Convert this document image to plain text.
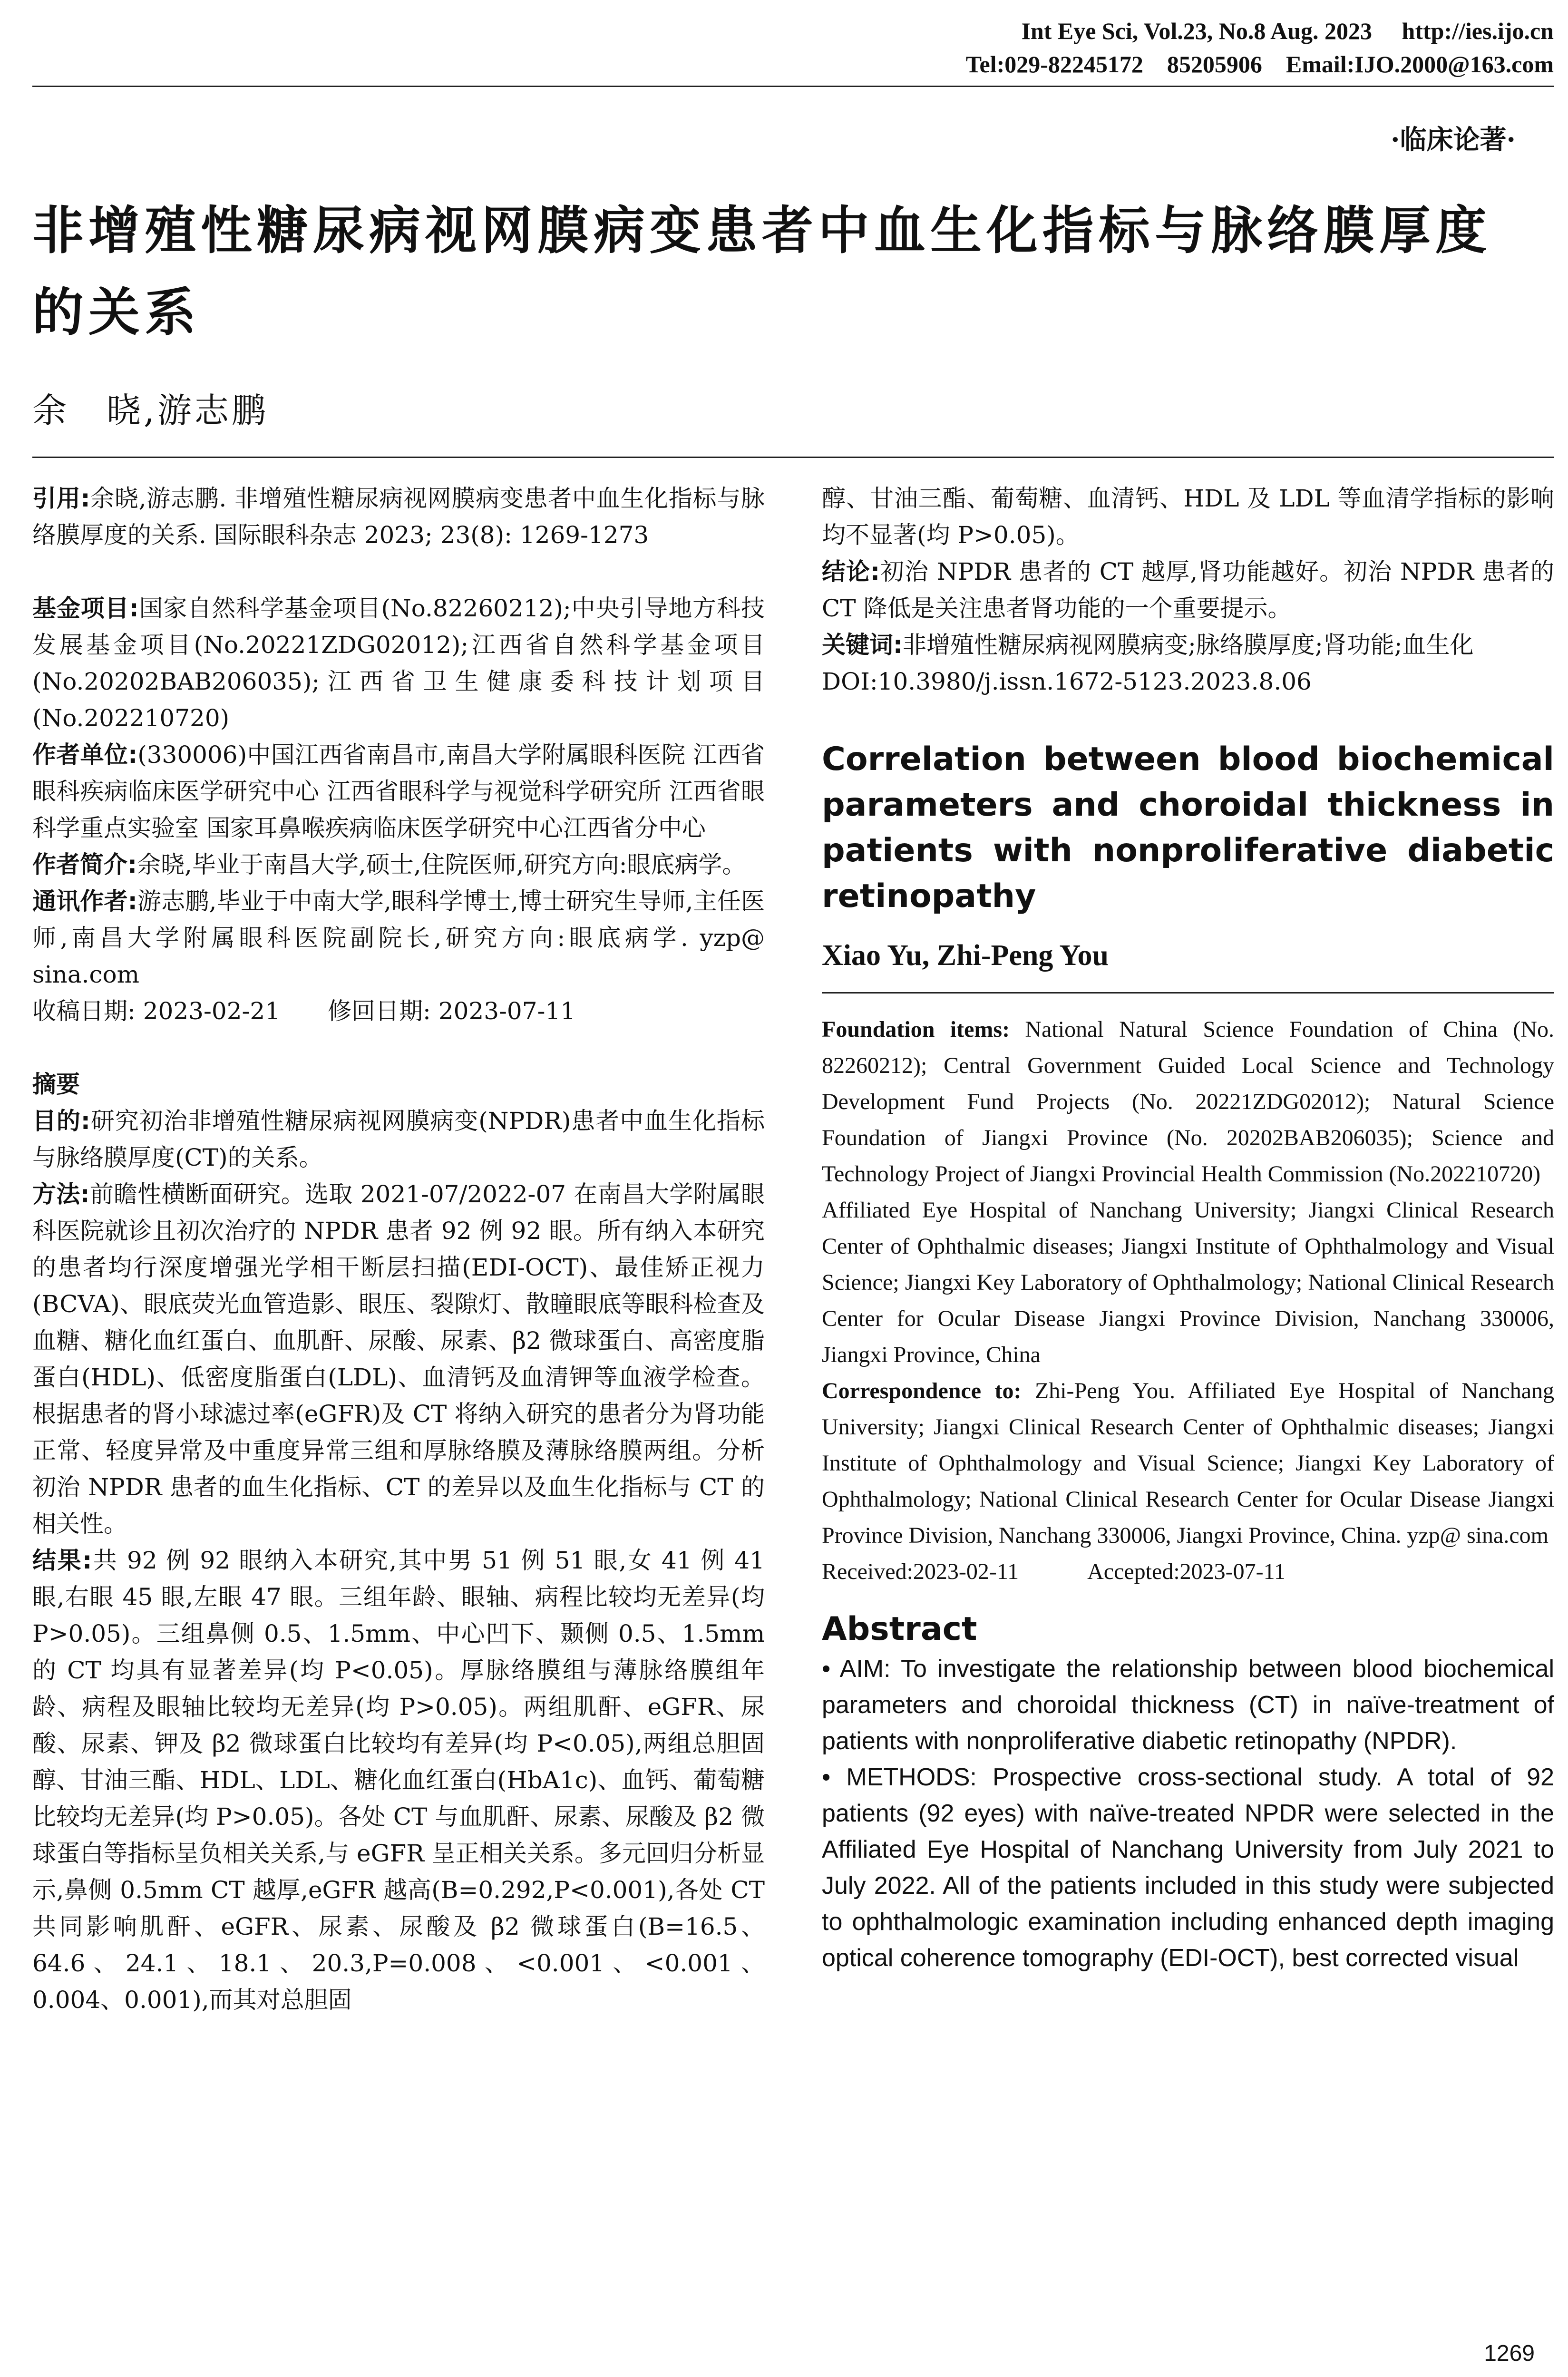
Int Eye Sci, Vol.23, No.8 Aug. 2023     http://ies.ijo.cn
Tel:029-82245172    85205906    Email:IJO.2000@163.com
·临床论著·
非增殖性糖尿病视网膜病变患者中血生化指标与脉络膜厚度的关系
余　晓,游志鹏

引用:余晓,游志鹏. 非增殖性糖尿病视网膜病变患者中血生化指标与脉络膜厚度的关系. 国际眼科杂志 2023; 23(8): 1269-1273

基金项目:国家自然科学基金项目(No.82260212);中央引导地方科技发展基金项目(No.20221ZDG02012);江西省自然科学基金项目(No.20202BAB206035);江西省卫生健康委科技计划项目(No.202210720)

作者单位:(330006)中国江西省南昌市,南昌大学附属眼科医院 江西省眼科疾病临床医学研究中心 江西省眼科学与视觉科学研究所 江西省眼科学重点实验室 国家耳鼻喉疾病临床医学研究中心江西省分中心

作者简介:余晓,毕业于南昌大学,硕士,住院医师,研究方向:眼底病学。

通讯作者:游志鹏,毕业于中南大学,眼科学博士,博士研究生导师,主任医师,南昌大学附属眼科医院副院长,研究方向:眼底病学. yzp@ sina.com

收稿日期: 2023-02-21　　修回日期: 2023-07-11

摘要

目的:研究初治非增殖性糖尿病视网膜病变(NPDR)患者中血生化指标与脉络膜厚度(CT)的关系。

方法:前瞻性横断面研究。选取 2021-07/2022-07 在南昌大学附属眼科医院就诊且初次治疗的 NPDR 患者 92 例 92 眼。所有纳入本研究的患者均行深度增强光学相干断层扫描(EDI-OCT)、最佳矫正视力(BCVA)、眼底荧光血管造影、眼压、裂隙灯、散瞳眼底等眼科检查及血糖、糖化血红蛋白、血肌酐、尿酸、尿素、β2 微球蛋白、高密度脂蛋白(HDL)、低密度脂蛋白(LDL)、血清钙及血清钾等血液学检查。根据患者的肾小球滤过率(eGFR)及 CT 将纳入研究的患者分为肾功能正常、轻度异常及中重度异常三组和厚脉络膜及薄脉络膜两组。分析初治 NPDR 患者的血生化指标、CT 的差异以及血生化指标与 CT 的相关性。

结果:共 92 例 92 眼纳入本研究,其中男 51 例 51 眼,女 41 例 41 眼,右眼 45 眼,左眼 47 眼。三组年龄、眼轴、病程比较均无差异(均 P>0.05)。三组鼻侧 0.5、1.5mm、中心凹下、颞侧 0.5、1.5mm 的 CT 均具有显著差异(均 P<0.05)。厚脉络膜组与薄脉络膜组年龄、病程及眼轴比较均无差异(均 P>0.05)。两组肌酐、eGFR、尿酸、尿素、钾及 β2 微球蛋白比较均有差异(均 P<0.05),两组总胆固醇、甘油三酯、HDL、LDL、糖化血红蛋白(HbA1c)、血钙、葡萄糖比较均无差异(均 P>0.05)。各处 CT 与血肌酐、尿素、尿酸及 β2 微球蛋白等指标呈负相关关系,与 eGFR 呈正相关关系。多元回归分析显示,鼻侧 0.5mm CT 越厚,eGFR 越高(B=0.292,P<0.001),各处 CT 共同影响肌酐、eGFR、尿素、尿酸及 β2 微球蛋白(B=16.5、64.6、24.1、18.1、20.3,P=0.008、<0.001、<0.001、0.004、0.001),而其对总胆固

醇、甘油三酯、葡萄糖、血清钙、HDL 及 LDL 等血清学指标的影响均不显著(均 P>0.05)。

结论:初治 NPDR 患者的 CT 越厚,肾功能越好。初治 NPDR 患者的 CT 降低是关注患者肾功能的一个重要提示。

关键词:非增殖性糖尿病视网膜病变;脉络膜厚度;肾功能;血生化

DOI:10.3980/j.issn.1672-5123.2023.8.06

Correlation between blood biochemical parameters and choroidal thickness in patients with nonproliferative diabetic retinopathy

Xiao Yu, Zhi-Peng You

Foundation items: National Natural Science Foundation of China (No. 82260212); Central Government Guided Local Science and Technology Development Fund Projects (No. 20221ZDG02012); Natural Science Foundation of Jiangxi Province (No. 20202BAB206035); Science and Technology Project of Jiangxi Provincial Health Commission (No.202210720)

Affiliated Eye Hospital of Nanchang University; Jiangxi Clinical Research Center of Ophthalmic diseases; Jiangxi Institute of Ophthalmology and Visual Science; Jiangxi Key Laboratory of Ophthalmology; National Clinical Research Center for Ocular Disease Jiangxi Province Division, Nanchang 330006, Jiangxi Province, China

Correspondence to: Zhi-Peng You. Affiliated Eye Hospital of Nanchang University; Jiangxi Clinical Research Center of Ophthalmic diseases; Jiangxi Institute of Ophthalmology and Visual Science; Jiangxi Key Laboratory of Ophthalmology; National Clinical Research Center for Ocular Disease Jiangxi Province Division, Nanchang 330006, Jiangxi Province, China. yzp@ sina.com

Received:2023-02-11　　　Accepted:2023-07-11

Abstract

• AIM: To investigate the relationship between blood biochemical parameters and choroidal thickness (CT) in naïve-treatment of patients with nonproliferative diabetic retinopathy (NPDR).

• METHODS: Prospective cross-sectional study. A total of 92 patients (92 eyes) with naïve-treated NPDR were selected in the Affiliated Eye Hospital of Nanchang University from July 2021 to July 2022. All of the patients included in this study were subjected to ophthalmologic examination including enhanced depth imaging optical coherence tomography (EDI-OCT), best corrected visual

1269
